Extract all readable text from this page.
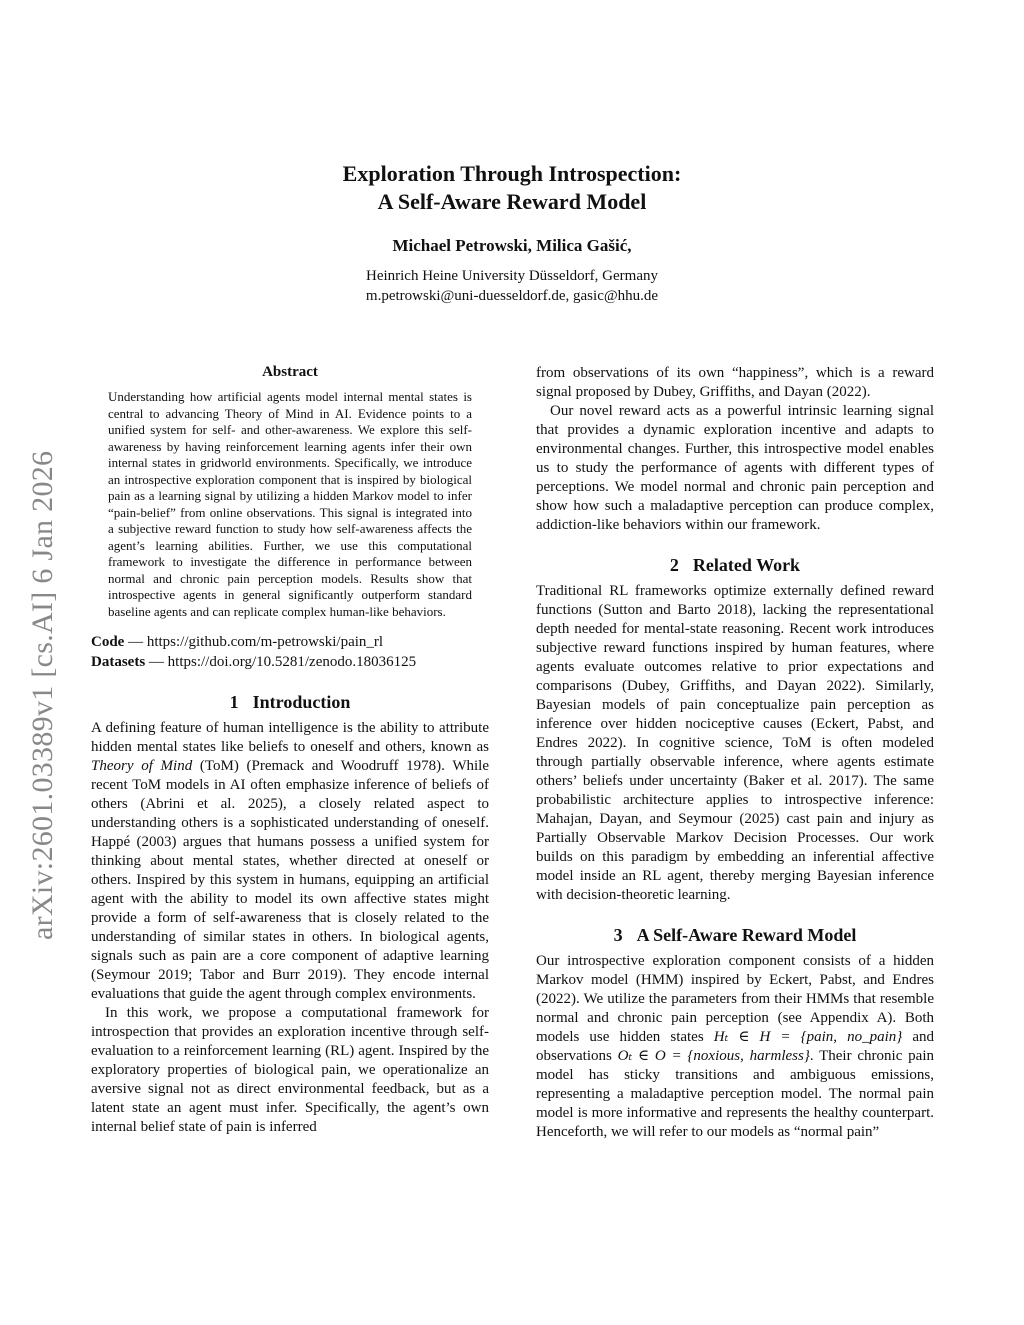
arXiv:2601.03389v1 [cs.AI] 6 Jan 2026
Exploration Through Introspection:
A Self-Aware Reward Model
Michael Petrowski, Milica Gašić,
Heinrich Heine University Düsseldorf, Germany
m.petrowski@uni-duesseldorf.de, gasic@hhu.de
Abstract

Understanding how artificial agents model internal mental states is central to advancing Theory of Mind in AI. Evidence points to a unified system for self- and other-awareness. We explore this self-awareness by having reinforcement learning agents infer their own internal states in gridworld environments. Specifically, we introduce an introspective exploration component that is inspired by biological pain as a learning signal by utilizing a hidden Markov model to infer “pain-belief” from online observations. This signal is integrated into a subjective reward function to study how self-awareness affects the agent’s learning abilities. Further, we use this computational framework to investigate the difference in performance between normal and chronic pain perception models. Results show that introspective agents in general significantly outperform standard baseline agents and can replicate complex human-like behaviors.

Code — https://github.com/m-petrowski/pain_rl
Datasets — https://doi.org/10.5281/zenodo.18036125
1 Introduction

A defining feature of human intelligence is the ability to attribute hidden mental states like beliefs to oneself and others, known as Theory of Mind (ToM) (Premack and Woodruff 1978). While recent ToM models in AI often emphasize inference of beliefs of others (Abrini et al. 2025), a closely related aspect to understanding others is a sophisticated understanding of oneself. Happé (2003) argues that humans possess a unified system for thinking about mental states, whether directed at oneself or others. Inspired by this system in humans, equipping an artificial agent with the ability to model its own affective states might provide a form of self-awareness that is closely related to the understanding of similar states in others. In biological agents, signals such as pain are a core component of adaptive learning (Seymour 2019; Tabor and Burr 2019). They encode internal evaluations that guide the agent through complex environments.

In this work, we propose a computational framework for introspection that provides an exploration incentive through self-evaluation to a reinforcement learning (RL) agent. Inspired by the exploratory properties of biological pain, we operationalize an aversive signal not as direct environmental feedback, but as a latent state an agent must infer. Specifically, the agent’s own internal belief state of pain is inferred

from observations of its own “happiness”, which is a reward signal proposed by Dubey, Griffiths, and Dayan (2022).

Our novel reward acts as a powerful intrinsic learning signal that provides a dynamic exploration incentive and adapts to environmental changes. Further, this introspective model enables us to study the performance of agents with different types of perceptions. We model normal and chronic pain perception and show how such a maladaptive perception can produce complex, addiction-like behaviors within our framework.

2 Related Work

Traditional RL frameworks optimize externally defined reward functions (Sutton and Barto 2018), lacking the representational depth needed for mental-state reasoning. Recent work introduces subjective reward functions inspired by human features, where agents evaluate outcomes relative to prior expectations and comparisons (Dubey, Griffiths, and Dayan 2022). Similarly, Bayesian models of pain conceptualize pain perception as inference over hidden nociceptive causes (Eckert, Pabst, and Endres 2022). In cognitive science, ToM is often modeled through partially observable inference, where agents estimate others’ beliefs under uncertainty (Baker et al. 2017). The same probabilistic architecture applies to introspective inference: Mahajan, Dayan, and Seymour (2025) cast pain and injury as Partially Observable Markov Decision Processes. Our work builds on this paradigm by embedding an inferential affective model inside an RL agent, thereby merging Bayesian inference with decision-theoretic learning.

3 A Self-Aware Reward Model

Our introspective exploration component consists of a hidden Markov model (HMM) inspired by Eckert, Pabst, and Endres (2022). We utilize the parameters from their HMMs that resemble normal and chronic pain perception (see Appendix A). Both models use hidden states Hₜ ∈ H = {pain, no_pain} and observations Oₜ ∈ O = {noxious, harmless}. Their chronic pain model has sticky transitions and ambiguous emissions, representing a maladaptive perception model. The normal pain model is more informative and represents the healthy counterpart. Henceforth, we will refer to our models as “normal pain”
